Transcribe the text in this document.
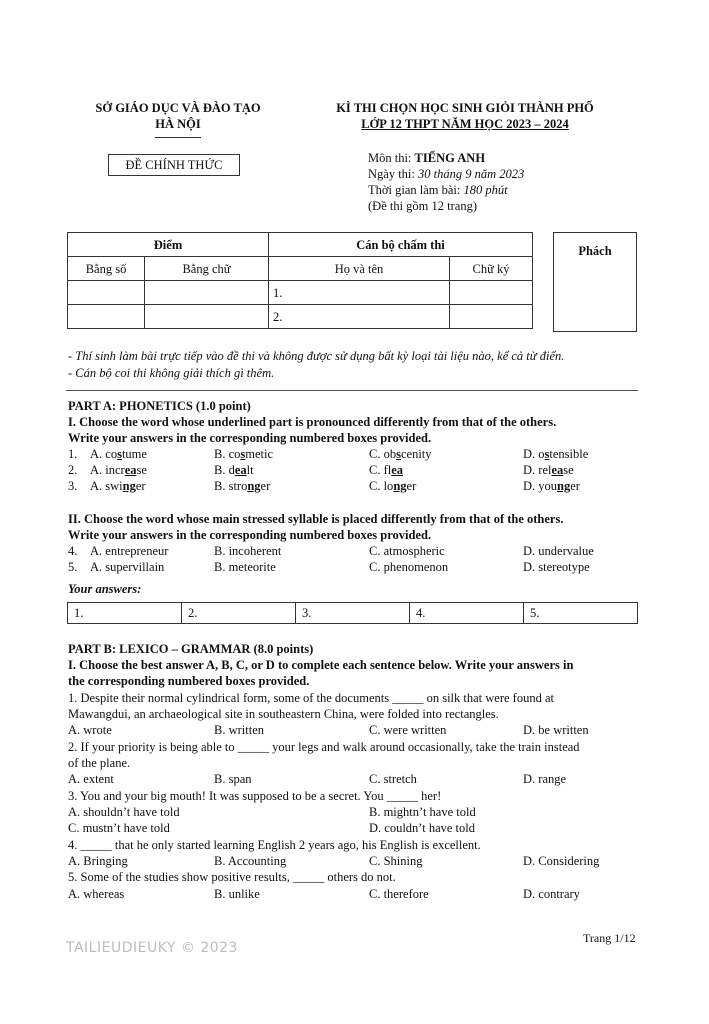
SỞ GIÁO DỤC VÀ ĐÀO TẠO
HÀ NỘI
ĐỀ CHÍNH THỨC
KÌ THI CHỌN HỌC SINH GIỎI THÀNH PHỐ
LỚP 12 THPT NĂM HỌC 2023 – 2024
Môn thi: TIẾNG ANH
Ngày thi: 30 tháng 9 năm 2023
Thời gian làm bài: 180 phút
(Đề thi gồm 12 trang)
Điểm		Cán bộ chấm thi	
Bằng số	Bằng chữ	Họ và tên	Chữ ký
		1.	
		2.	
Phách
- Thí sinh làm bài trực tiếp vào đề thi và không được sử dụng bất kỳ loại tài liệu nào, kể cả từ điển.
- Cán bộ coi thi không giải thích gì thêm.
PART A: PHONETICS (1.0 point)
I. Choose the word whose underlined part is pronounced differently from that of the others.
Write your answers in the corresponding numbered boxes provided.
1. A. costume	B. cosmetic	C. obscenity	D. ostensible
2. A. increase	B. dealt	C. flea	D. release
3. A. swinger	B. stronger	C. longer	D. younger
II. Choose the word whose main stressed syllable is placed differently from that of the others.
Write your answers in the corresponding numbered boxes provided.
4. A. entrepreneur	B. incoherent	C. atmospheric	D. undervalue
5. A. supervillain	B. meteorite	C. phenomenon	D. stereotype
Your answers:
1.	2.	3.	4.	5.
PART B: LEXICO – GRAMMAR (8.0 points)
I. Choose the best answer A, B, C, or D to complete each sentence below. Write your answers in
the corresponding numbered boxes provided.
1. Despite their normal cylindrical form, some of the documents _____ on silk that were found at
Mawangdui, an archaeological site in southeastern China, were folded into rectangles.
A. wrote	B. written	C. were written	D. be written
2. If your priority is being able to _____ your legs and walk around occasionally, take the train instead
of the plane.
A. extent	B. span	C. stretch	D. range
3. You and your big mouth! It was supposed to be a secret. You _____ her!
A. shouldn’t have told	B. mightn’t have told
C. mustn’t have told	D. couldn’t have told
4. _____ that he only started learning English 2 years ago, his English is excellent.
A. Bringing	B. Accounting	C. Shining	D. Considering
5. Some of the studies show positive results, _____ others do not.
A. whereas	B. unlike	C. therefore	D. contrary
Trang 1/12
TAILIEUDIEUKY © 2023
